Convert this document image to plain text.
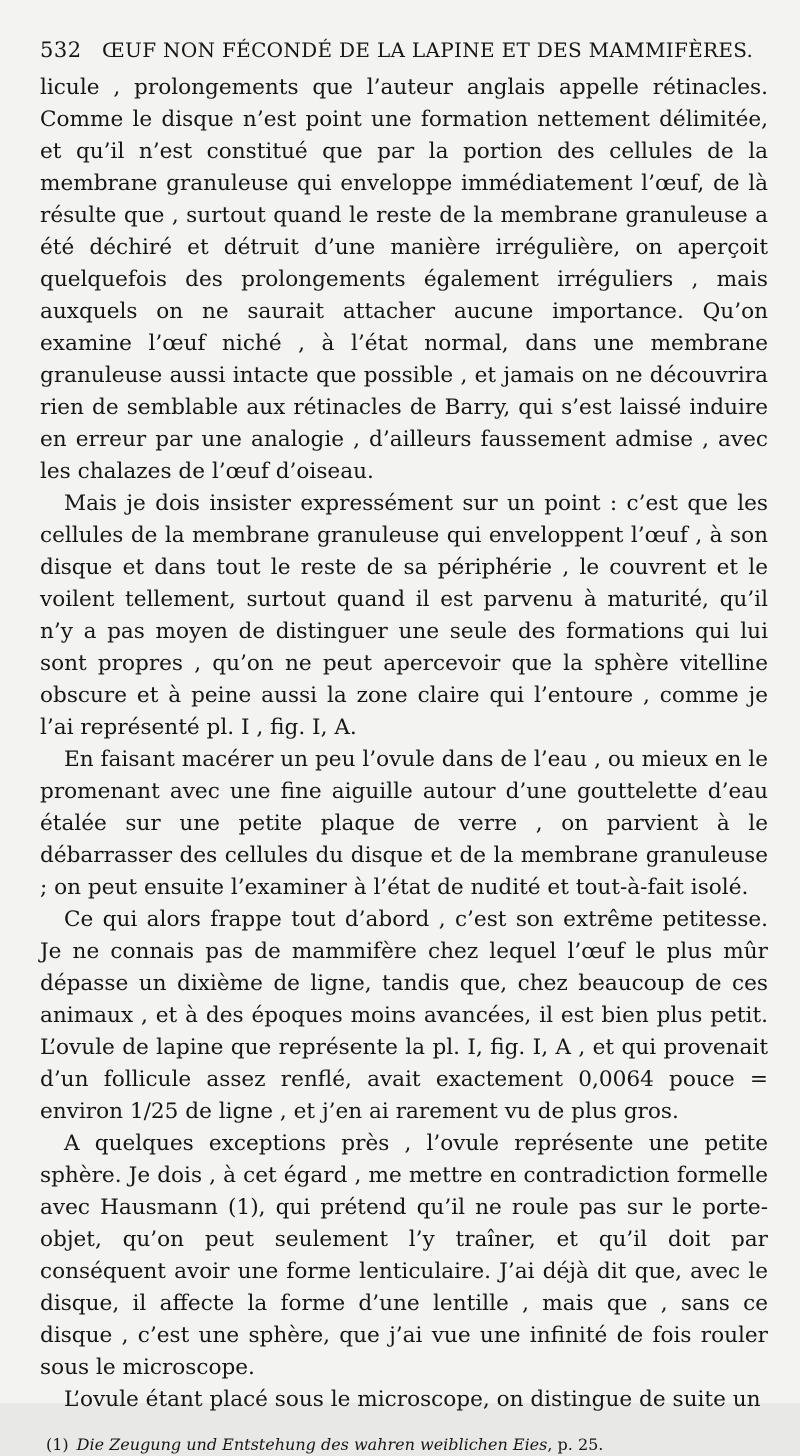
532	ŒUF NON FÉCONDÉ DE LA LAPINE ET DES MAMMIFÈRES.

licule , prolongements que l’auteur anglais appelle rétinacles. Comme le disque n’est point une formation nettement délimitée, et qu’il n’est constitué que par la portion des cellules de la membrane granuleuse qui enveloppe immédiatement l’œuf, de là résulte que , surtout quand le reste de la membrane granuleuse a été déchiré et détruit d’une manière irrégulière, on aperçoit quelquefois des prolongements également irréguliers , mais auxquels on ne saurait attacher aucune importance. Qu’on examine l’œuf niché , à l’état normal, dans une membrane granuleuse aussi intacte que possible , et jamais on ne découvrira rien de semblable aux rétinacles de Barry, qui s’est laissé induire en erreur par une analogie , d’ailleurs faussement admise , avec les chalazes de l’œuf d’oiseau.

Mais je dois insister expressément sur un point : c’est que les cellules de la membrane granuleuse qui enveloppent l’œuf , à son disque et dans tout le reste de sa périphérie , le couvrent et le voilent tellement, surtout quand il est parvenu à maturité, qu’il n’y a pas moyen de distinguer une seule des formations qui lui sont propres , qu’on ne peut apercevoir que la sphère vitelline obscure et à peine aussi la zone claire qui l’entoure , comme je l’ai représenté pl. I , fig. I, A.

En faisant macérer un peu l’ovule dans de l’eau , ou mieux en le promenant avec une fine aiguille autour d’une gouttelette d’eau étalée sur une petite plaque de verre , on parvient à le débarrasser des cellules du disque et de la membrane granuleuse ; on peut ensuite l’examiner à l’état de nudité et tout-à-fait isolé.

Ce qui alors frappe tout d’abord , c’est son extrême petitesse. Je ne connais pas de mammifère chez lequel l’œuf le plus mûr dépasse un dixième de ligne, tandis que, chez beaucoup de ces animaux , et à des époques moins avancées, il est bien plus petit. L’ovule de lapine que représente la pl. I, fig. I, A , et qui provenait d’un follicule assez renflé, avait exactement 0,0064 pouce = environ 1/25 de ligne , et j’en ai rarement vu de plus gros.

A quelques exceptions près , l’ovule représente une petite sphère. Je dois , à cet égard , me mettre en contradiction formelle avec Hausmann (1), qui prétend qu’il ne roule pas sur le porte-objet, qu’on peut seulement l’y traîner, et qu’il doit par conséquent avoir une forme lenticulaire. J’ai déjà dit que, avec le disque, il affecte la forme d’une lentille , mais que , sans ce disque , c’est une sphère, que j’ai vue une infinité de fois rouler sous le microscope.

L’ovule étant placé sous le microscope, on distingue de suite un

(1) Die Zeugung und Entstehung des wahren weiblichen Eies, p. 25.
